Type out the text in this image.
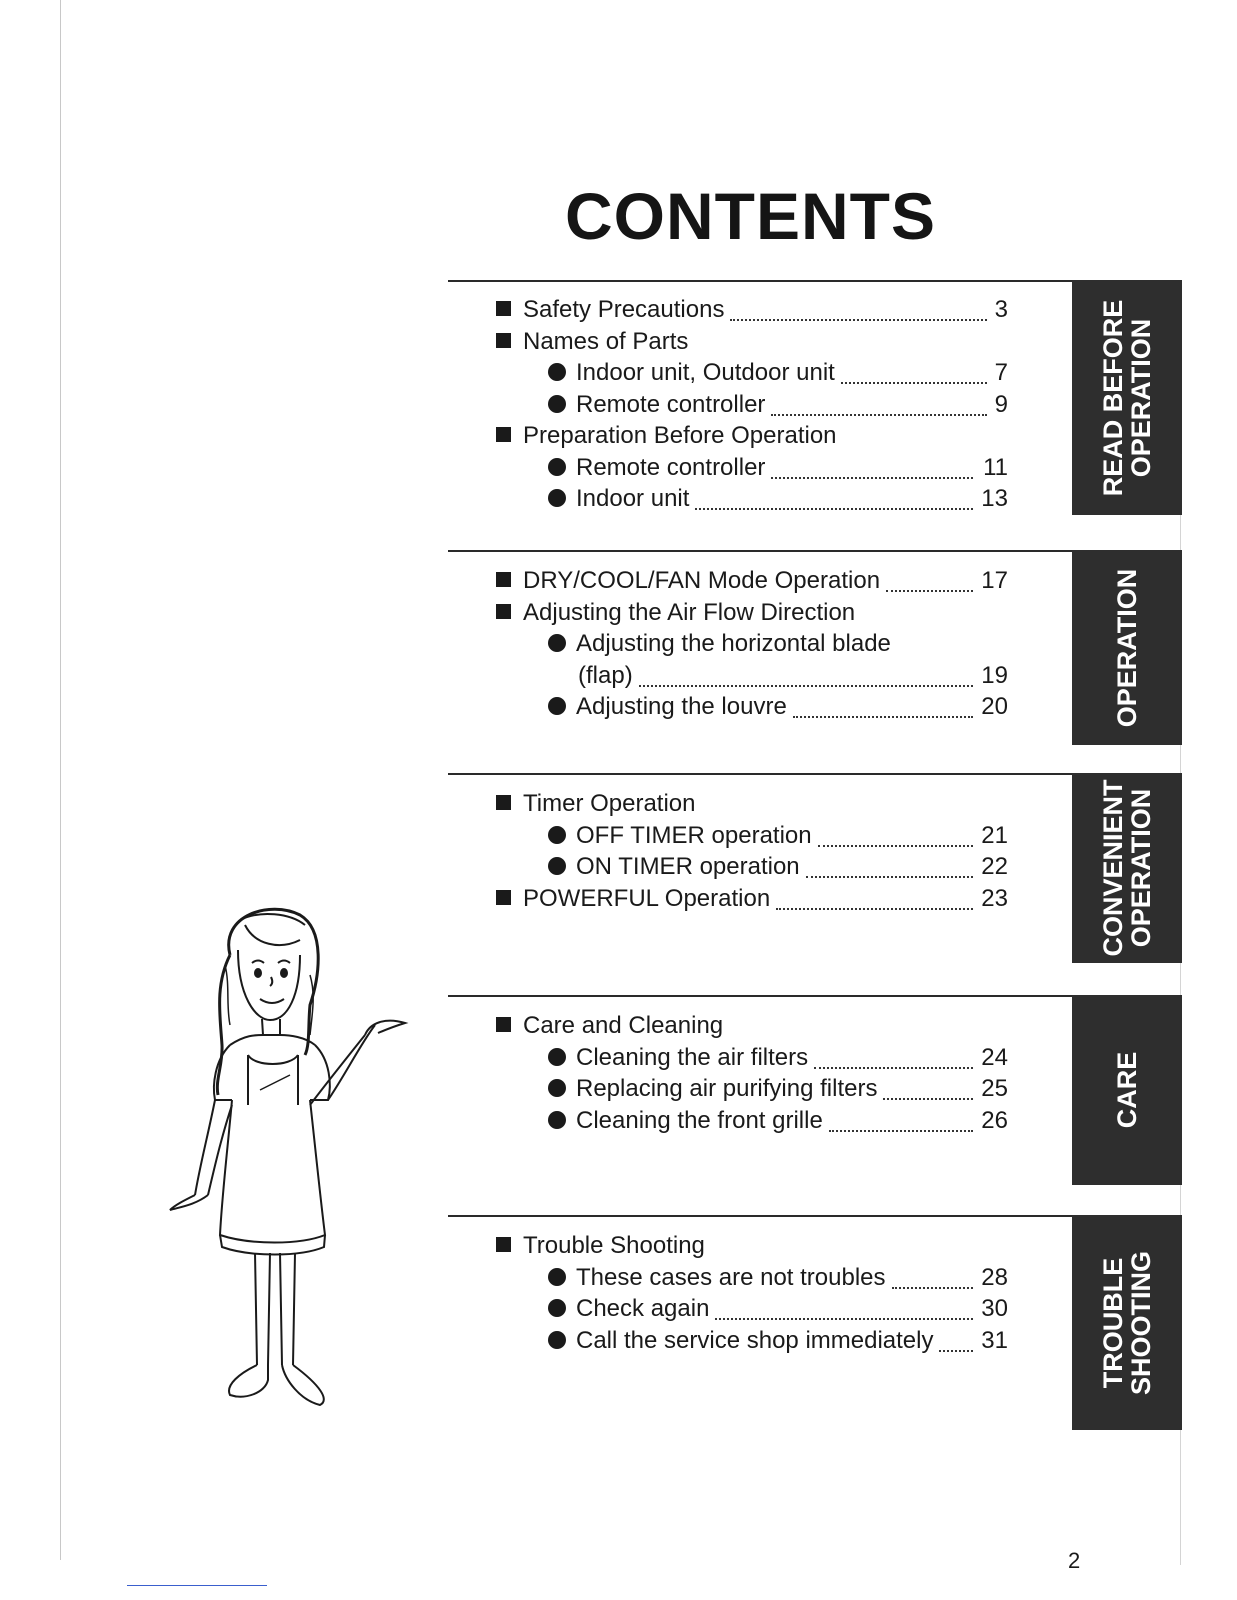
CONTENTS
READ BEFORE
OPERATION
Safety Precautions	3
Names of Parts
Indoor unit, Outdoor unit	7
Remote controller	9
Preparation Before Operation
Remote controller	11
Indoor unit	13
OPERATION
DRY/COOL/FAN Mode Operation	17
Adjusting the Air Flow Direction
Adjusting the horizontal blade
(flap)	19
Adjusting the louvre	20
CONVENIENT
OPERATION
Timer Operation
OFF TIMER operation	21
ON TIMER operation	22
POWERFUL Operation	23
CARE
Care and Cleaning
Cleaning the air filters	24
Replacing air purifying filters	25
Cleaning the front grille	26
TROUBLE
SHOOTING
Trouble Shooting
These cases are not troubles	28
Check again	30
Call the service shop immediately	31
2
